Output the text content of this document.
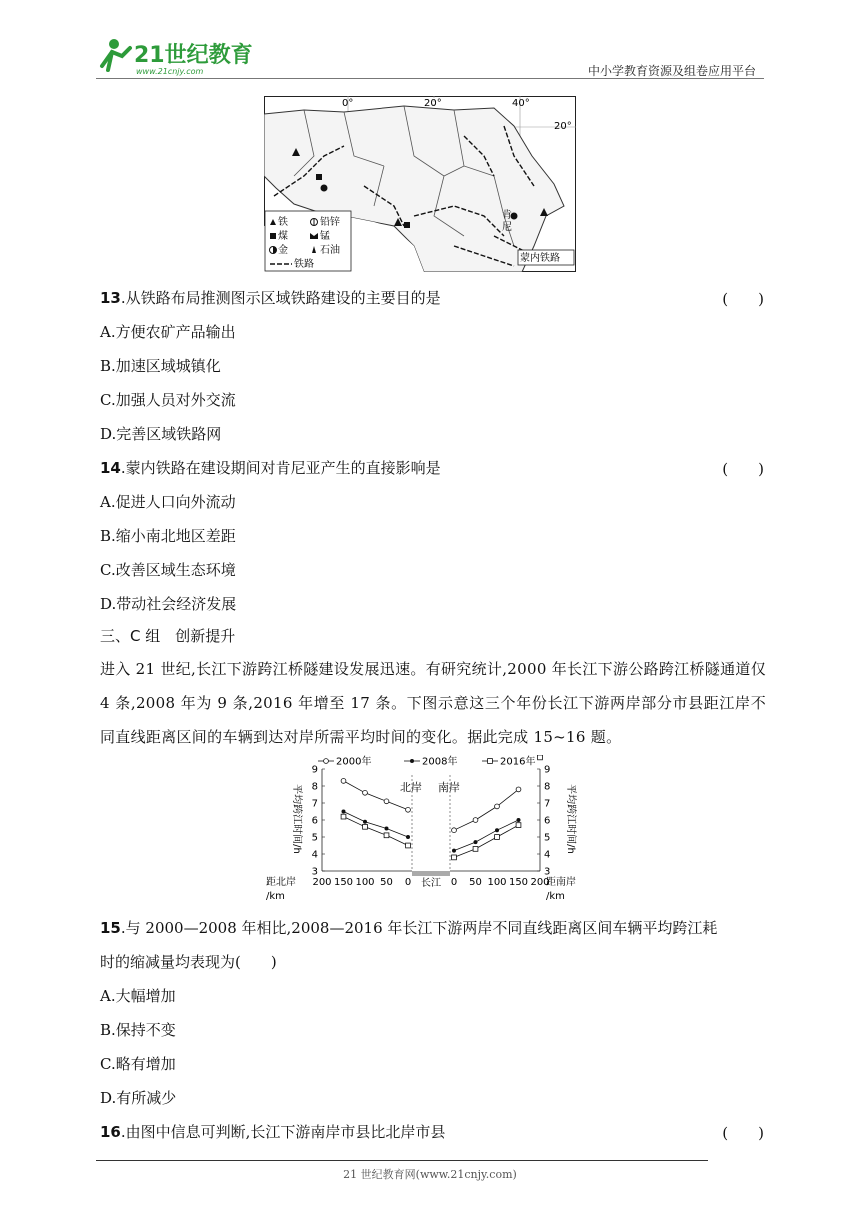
21世纪教育
www.21cnjy.com	中小学教育资源及组卷应用平台
0°	20°	40°
20°
肯
尼
蒙内铁路
铁	铅锌
煤	锰
金	石油
铁路
13.从铁路布局推测图示区域铁路建设的主要目的是	(　　)
A.方便农矿产品输出
B.加速区域城镇化
C.加强人员对外交流
D.完善区域铁路网
14.蒙内铁路在建设期间对肯尼亚产生的直接影响是	(　　)
A.促进人口向外流动
B.缩小南北地区差距
C.改善区域生态环境
D.带动社会经济发展
三、C 组　创新提升
进入 21 世纪,长江下游跨江桥隧建设发展迅速。有研究统计,2000 年长江下游公路跨江桥隧通道仅 4 条,2008 年为 9 条,2016 年增至 17 条。下图示意这三个年份长江下游两岸部分市县距江岸不同直线距离区间的车辆到达对岸所需平均时间的变化。据此完成 15~16 题。
长江
3	3
4	4
5	5
6	6
7	7
8	8
9	9
平均跨江时间/h	平均跨江时间/h
200 150 100 50 0	0 50 100 150 200
距北岸
/km
距南岸
/km
北岸 南岸
2000年	2008年	2016年
15.与 2000—2008 年相比,2008—2016 年长江下游两岸不同直线距离区间车辆平均跨江耗
时的缩减量均表现为(　　)
A.大幅增加
B.保持不变
C.略有增加
D.有所减少
16.由图中信息可判断,长江下游南岸市县比北岸市县	(　　)
21 世纪教育网(www.21cnjy.com)
